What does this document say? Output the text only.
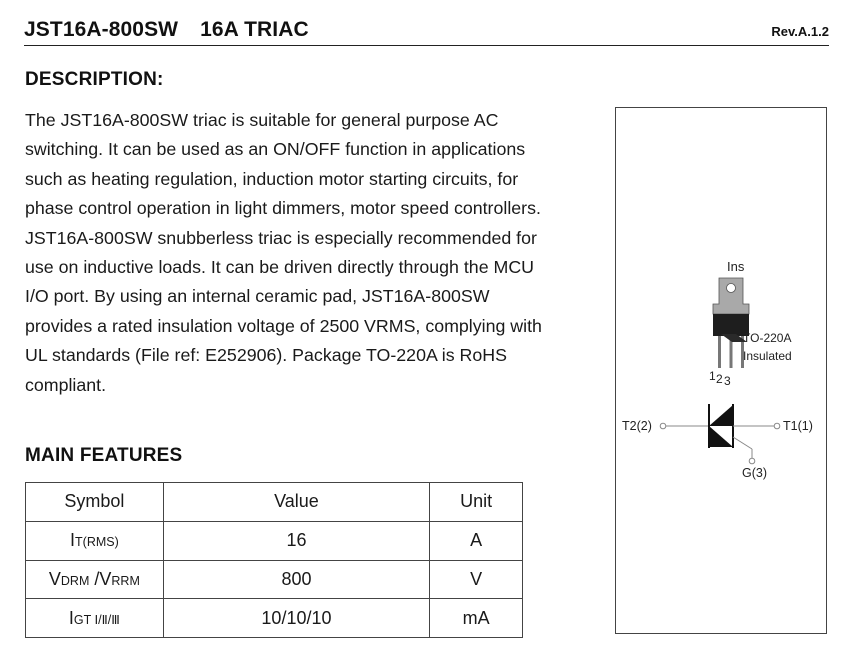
JST16A-800SW 16A TRIAC	Rev.A.1.2
DESCRIPTION:

The JST16A-800SW triac is suitable for general purpose AC

switching. It can be used as an ON/OFF function in applications

such as heating regulation, induction motor starting circuits, for

phase control operation in light dimmers, motor speed controllers.

JST16A-800SW snubberless triac is especially recommended for

use on inductive loads. It can be driven directly through the MCU

I/O port. By using an internal ceramic pad, JST16A-800SW

provides a rated insulation voltage of 2500 VRMS, complying with

UL standards (File ref: E252906). Package TO-220A is RoHS

compliant.

MAIN FEATURES
Symbol	Value	Unit
IT(RMS)	16	A
VDRM /VRRM	800	V
IGT Ⅰ/Ⅱ/Ⅲ	10/10/10	mA
Ins
TO-220A
Insulated
1 2 3
T2(2)	T1(1)
G(3)
